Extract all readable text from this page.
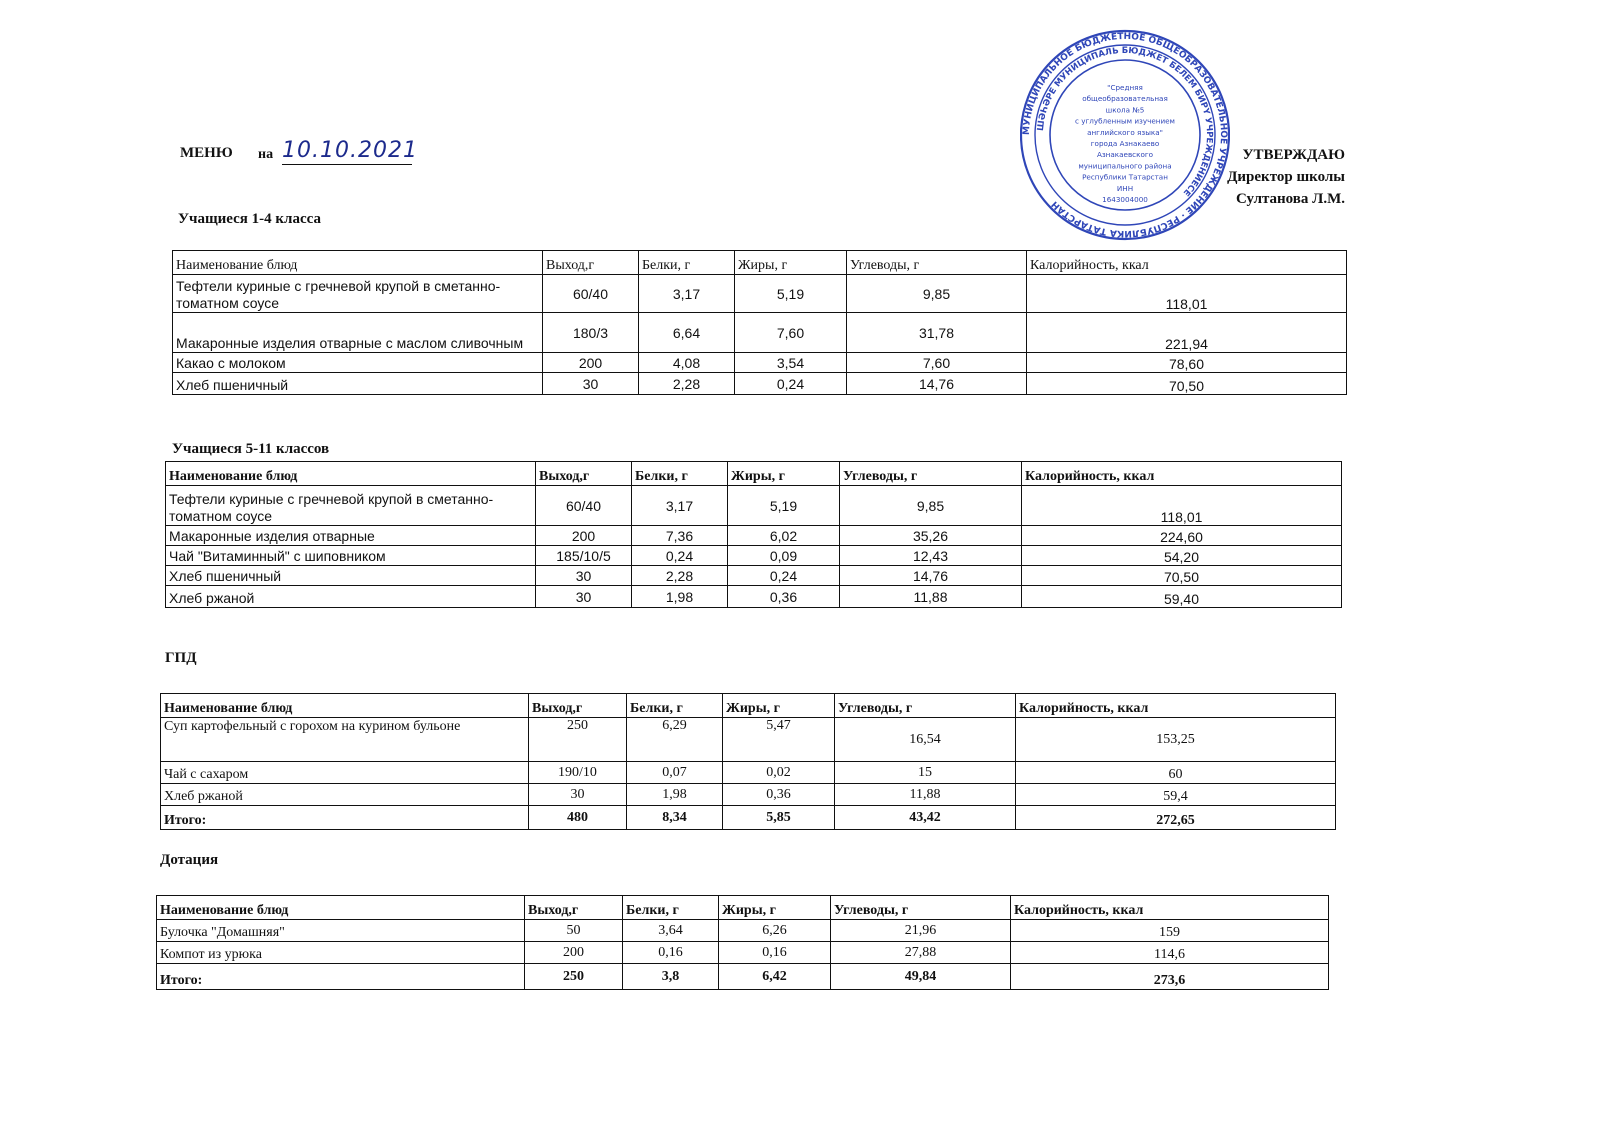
МЕНЮ на 10.10.2021
МУНИЦИПАЛЬНОЕ БЮДЖЕТНОЕ ОБЩЕОБРАЗОВАТЕЛЬНОЕ УЧРЕЖДЕНИЕ · РЕСПУБЛИКА ТАТАРСТАН
ШӘҺӘРЕ МУНИЦИПАЛЬ БЮДЖЕТ БЕЛЕМ БИРҮ УЧРЕЖДЕНИЕСЕ
"Средняя
общеобразовательная
школа №5
с углубленным изучением
английского языка"
города Азнакаево
Азнакаевского
муниципального района
Республики Татарстан
ИНН
1643004000
УТВЕРЖДАЮ
Директор школы
Султанова Л.М.
Учащиеся 1-4 класса
Наименование блюд	Выход,г	Белки, г	Жиры, г	Углеводы, г	Калорийность, ккал
Тефтели куриные с гречневой крупой в сметанно-томатном соусе	60/40	3,17	5,19	9,85	118,01
Макаронные изделия отварные с маслом сливочным	180/3	6,64	7,60	31,78	221,94
Какао с молоком	200	4,08	3,54	7,60	78,60
Хлеб пшеничный	30	2,28	0,24	14,76	70,50
Учащиеся 5-11 классов
Наименование блюд	Выход,г	Белки, г	Жиры, г	Углеводы, г	Калорийность, ккал
Тефтели куриные с гречневой крупой в сметанно-томатном соусе	60/40	3,17	5,19	9,85	118,01
Макаронные изделия отварные	200	7,36	6,02	35,26	224,60
Чай "Витаминный" с шиповником	185/10/5	0,24	0,09	12,43	54,20
Хлеб пшеничный	30	2,28	0,24	14,76	70,50
Хлеб ржаной	30	1,98	0,36	11,88	59,40
ГПД
Наименование блюд	Выход,г	Белки, г	Жиры, г	Углеводы, г	Калорийность, ккал
Суп картофельный с горохом на курином бульоне	250	6,29	5,47	16,54	153,25
Чай с сахаром	190/10	0,07	0,02	15	60
Хлеб ржаной	30	1,98	0,36	11,88	59,4
Итого:	480	8,34	5,85	43,42	272,65
Дотация
Наименование блюд	Выход,г	Белки, г	Жиры, г	Углеводы, г	Калорийность, ккал
Булочка "Домашняя"	50	3,64	6,26	21,96	159
Компот из урюка	200	0,16	0,16	27,88	114,6
Итого:	250	3,8	6,42	49,84	273,6
